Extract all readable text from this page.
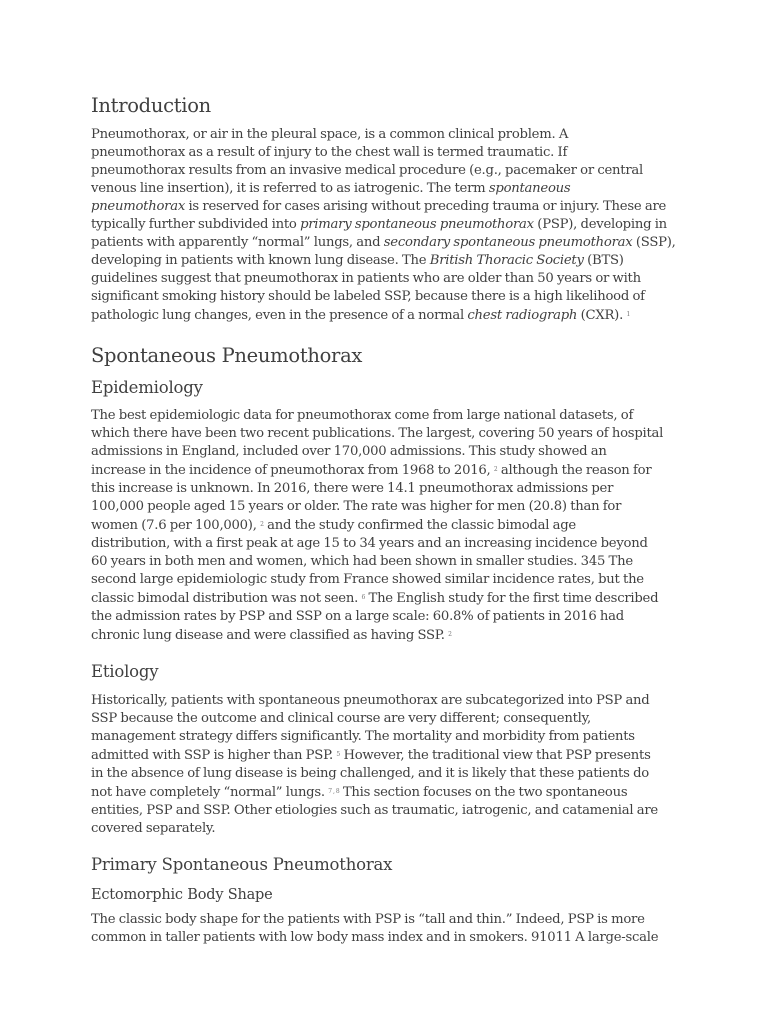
Introduction

Pneumothorax, or air in the pleural space, is a common clinical problem. A
pneumothorax as a result of injury to the chest wall is termed traumatic. If
pneumothorax results from an invasive medical procedure (e.g., pacemaker or central
venous line insertion), it is referred to as iatrogenic. The term spontaneous
pneumothorax is reserved for cases arising without preceding trauma or injury. These are
typically further subdivided into primary spontaneous pneumothorax (PSP), developing in
patients with apparently “normal” lungs, and secondary spontaneous pneumothorax (SSP),
developing in patients with known lung disease. The British Thoracic Society (BTS)
guidelines suggest that pneumothorax in patients who are older than 50 years or with
significant smoking history should be labeled SSP, because there is a high likelihood of
pathologic lung changes, even in the presence of a normal chest radiograph (CXR). $^1$

Spontaneous Pneumothorax
Epidemiology

The best epidemiologic data for pneumothorax come from large national datasets, of
which there have been two recent publications. The largest, covering 50 years of hospital
admissions in England, included over 170,000 admissions. This study showed an
increase in the incidence of pneumothorax from 1968 to 2016, $^2$ although the reason for
this increase is unknown. In 2016, there were 14.1 pneumothorax admissions per
100,000 people aged 15 years or older. The rate was higher for men (20.8) than for
women (7.6 per 100,000), $^2$ and the study confirmed the classic bimodal age
distribution, with a first peak at age 15 to 34 years and an increasing incidence beyond
60 years in both men and women, which had been shown in smaller studies. 345 The
second large epidemiologic study from France showed similar incidence rates, but the
classic bimodal distribution was not seen. $^6$ The English study for the first time described
the admission rates by PSP and SSP on a large scale: 60.8% of patients in 2016 had
chronic lung disease and were classified as having SSP. $^2$

Etiology

Historically, patients with spontaneous pneumothorax are subcategorized into PSP and
SSP because the outcome and clinical course are very different; consequently,
management strategy differs significantly. The mortality and morbidity from patients
admitted with SSP is higher than PSP. $^5$ However, the traditional view that PSP presents
in the absence of lung disease is being challenged, and it is likely that these patients do
not have completely “normal” lungs. $^{7 , 8}$ This section focuses on the two spontaneous
entities, PSP and SSP. Other etiologies such as traumatic, iatrogenic, and catamenial are
covered separately.

Primary Spontaneous Pneumothorax
Ectomorphic Body Shape

The classic body shape for the patients with PSP is “tall and thin.” Indeed, PSP is more
common in taller patients with low body mass index and in smokers. 91011 A large-scale
